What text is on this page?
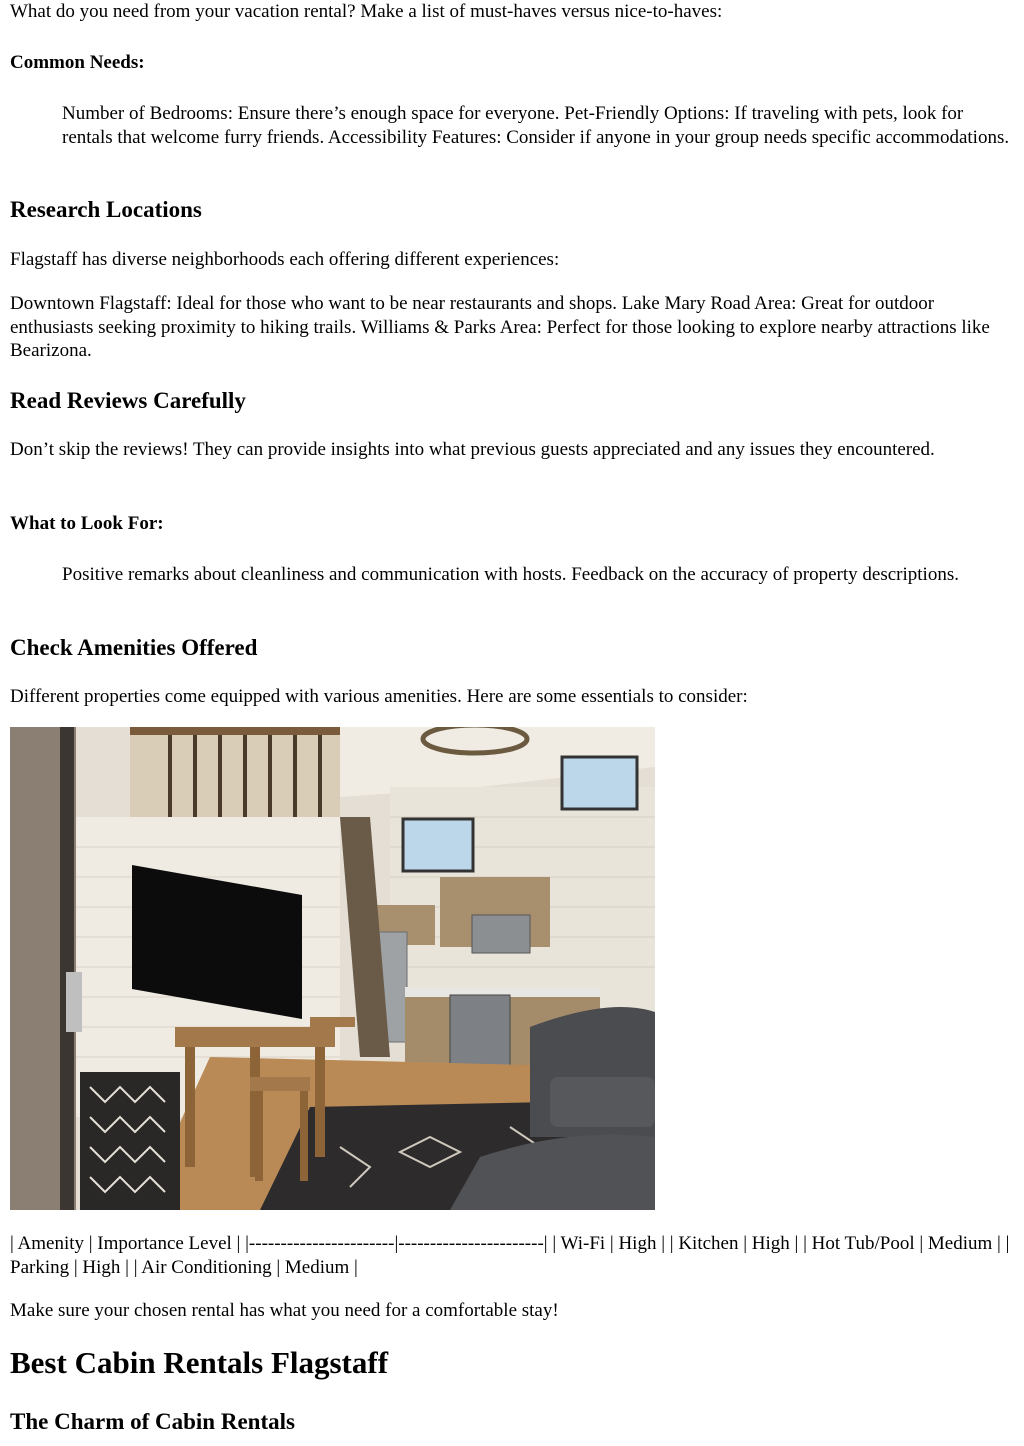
What do you need from your vacation rental? Make a list of must-haves versus nice-to-haves:

Common Needs:

Number of Bedrooms: Ensure there’s enough space for everyone. Pet-Friendly Options: If traveling with pets, look for rentals that welcome furry friends. Accessibility Features: Consider if anyone in your group needs specific accommodations.

Research Locations

Flagstaff has diverse neighborhoods each offering different experiences:

Downtown Flagstaff: Ideal for those who want to be near restaurants and shops. Lake Mary Road Area: Great for outdoor enthusiasts seeking proximity to hiking trails. Williams & Parks Area: Perfect for those looking to explore nearby attractions like Bearizona.

Read Reviews Carefully

Don’t skip the reviews! They can provide insights into what previous guests appreciated and any issues they encountered.

What to Look For:

Positive remarks about cleanliness and communication with hosts. Feedback on the accuracy of property descriptions.

Check Amenities Offered

Different properties come equipped with various amenities. Here are some essentials to consider:

| Amenity | Importance Level | |-----------------------|-----------------------| | Wi-Fi | High | | Kitchen | High | | Hot Tub/Pool | Medium | | Parking | High | | Air Conditioning | Medium |

Make sure your chosen rental has what you need for a comfortable stay!

Best Cabin Rentals Flagstaff
The Charm of Cabin Rentals
